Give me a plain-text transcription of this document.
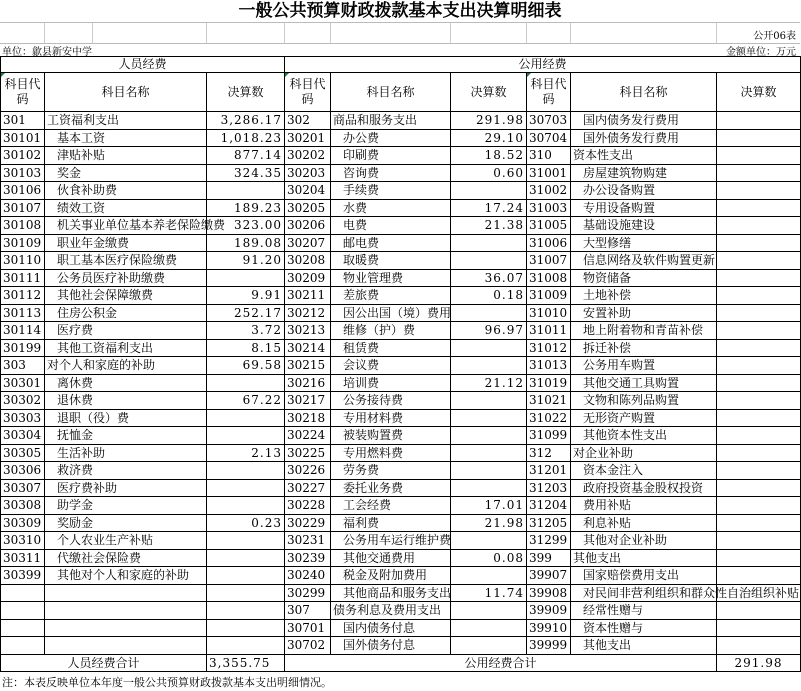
一般公共预算财政拨款基本支出决算明细表
公开06表
单位：歙县新安中学	金额单位：万元
人员经费			公用经费					
科目代码	科目名称	决算数	科目代码	科目名称	决算数	科目代码	科目名称	决算数
301	工资福利支出	3,286.17	302	商品和服务支出	291.98	30703	国内债务发行费用	
30101	基本工资	1,018.23	30201	办公费	29.10	30704	国外债务发行费用	
30102	津贴补贴	877.14	30202	印刷费	18.52	310	资本性支出	
30103	奖金	324.35	30203	咨询费	0.60	31001	房屋建筑物购建	
30106	伙食补助费		30204	手续费		31002	办公设备购置	
30107	绩效工资	189.23	30205	水费	17.24	31003	专用设备购置	
30108	机关事业单位基本养老保险缴费	323.00	30206	电费	21.38	31005	基础设施建设	
30109	职业年金缴费	189.08	30207	邮电费		31006	大型修缮	
30110	职工基本医疗保险缴费	91.20	30208	取暖费		31007	信息网络及软件购置更新	
30111	公务员医疗补助缴费		30209	物业管理费	36.07	31008	物资储备	
30112	其他社会保障缴费	9.91	30211	差旅费	0.18	31009	土地补偿	
30113	住房公积金	252.17	30212	因公出国（境）费用		31010	安置补助	
30114	医疗费	3.72	30213	维修（护）费	96.97	31011	地上附着物和青苗补偿	
30199	其他工资福利支出	8.15	30214	租赁费		31012	拆迁补偿	
303	对个人和家庭的补助	69.58	30215	会议费		31013	公务用车购置	
30301	离休费		30216	培训费	21.12	31019	其他交通工具购置	
30302	退休费	67.22	30217	公务接待费		31021	文物和陈列品购置	
30303	退职（役）费		30218	专用材料费		31022	无形资产购置	
30304	抚恤金		30224	被装购置费		31099	其他资本性支出	
30305	生活补助	2.13	30225	专用燃料费		312	对企业补助	
30306	救济费		30226	劳务费		31201	资本金注入	
30307	医疗费补助		30227	委托业务费		31203	政府投资基金股权投资	
30308	助学金		30228	工会经费	17.01	31204	费用补贴	
30309	奖励金	0.23	30229	福利费	21.98	31205	利息补贴	
30310	个人农业生产补贴		30231	公务用车运行维护费		31299	其他对企业补助	
30311	代缴社会保险费		30239	其他交通费用	0.08	399	其他支出	
30399	其他对个人和家庭的补助		30240	税金及附加费用		39907	国家赔偿费用支出	
			30299	其他商品和服务支出	11.74	39908	对民间非营利组织和群众性自治组织补贴	
			307	债务利息及费用支出		39909	经常性赠与	
			30701	国内债务付息		39910	资本性赠与	
			30702	国外债务付息		39999	其他支出	
人员经费合计		3,355.75	公用经费合计					291.98
注：本表反映单位本年度一般公共预算财政拨款基本支出明细情况。
